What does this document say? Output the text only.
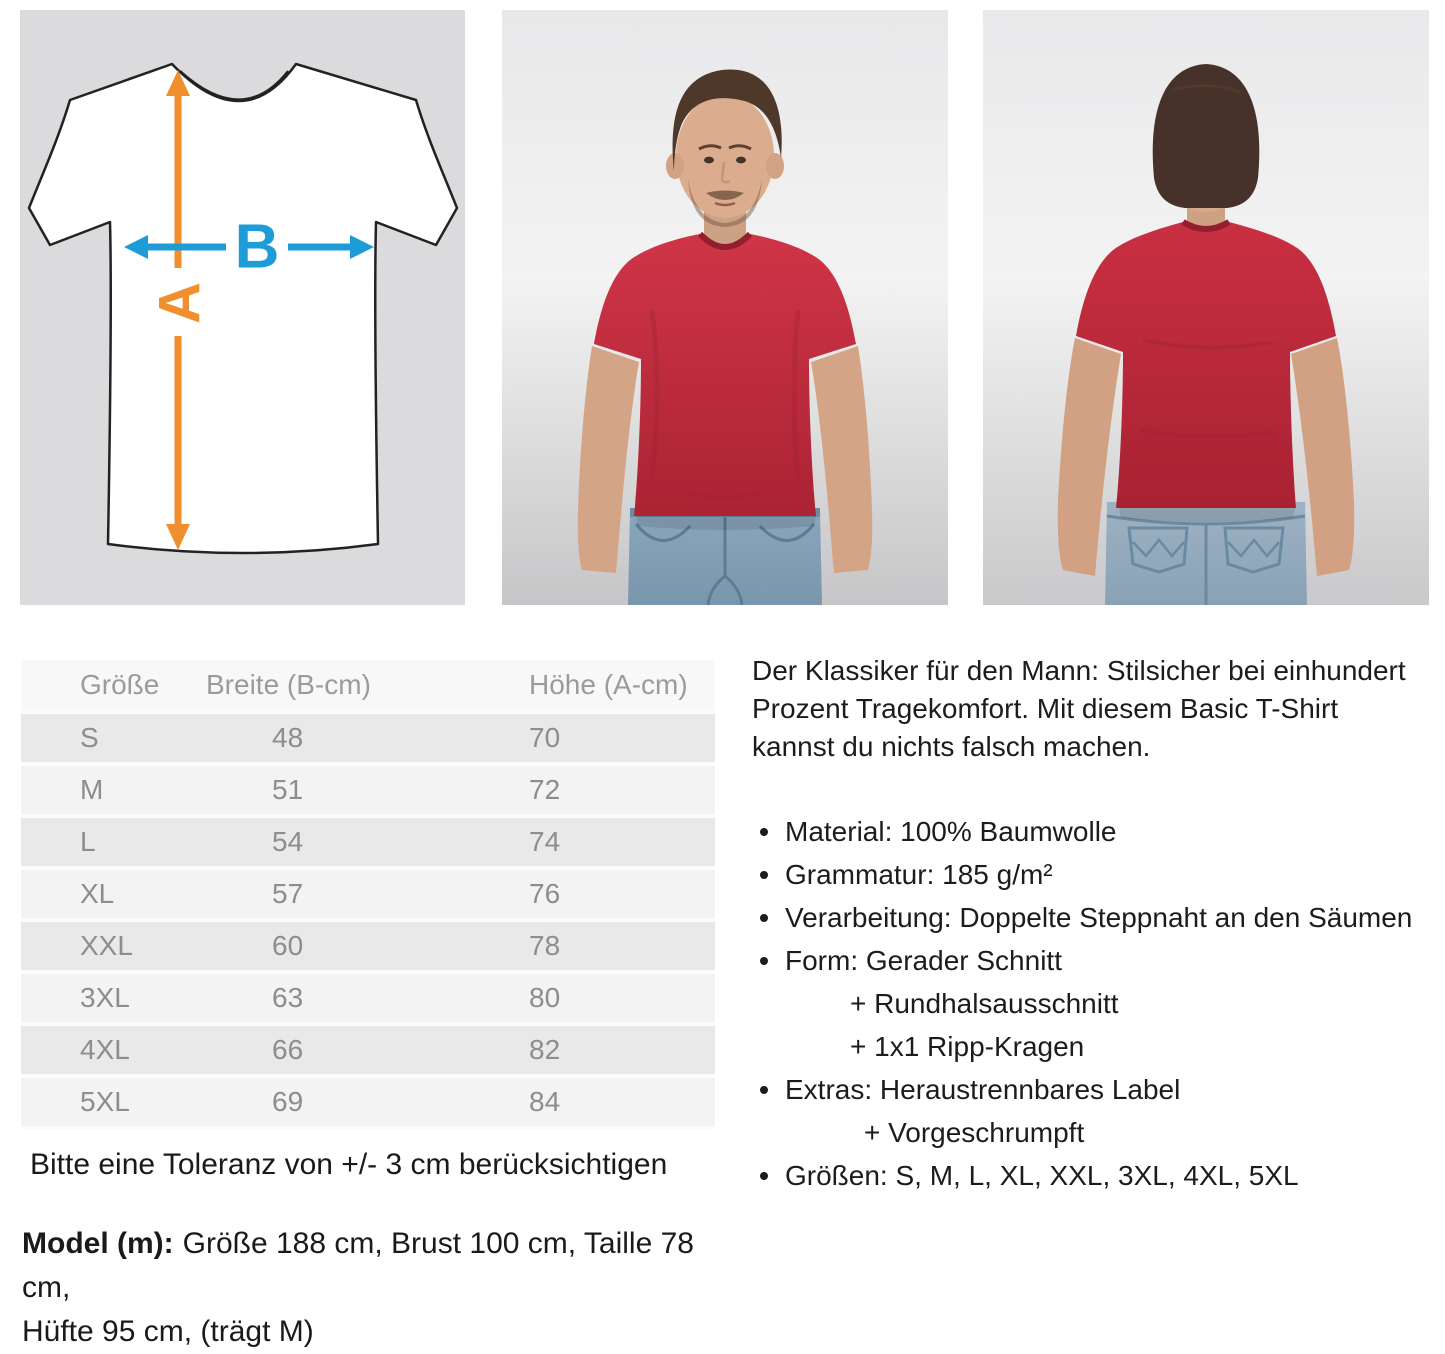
A
B
Größe	Breite (B-cm)	Höhe (A-cm)
S	48	70
M	51	72
L	54	74
XL	57	76
XXL	60	78
3XL	63	80
4XL	66	82
5XL	69	84
Bitte eine Toleranz von +/- 3 cm berücksichtigen
Model (m): Größe 188 cm, Brust 100 cm, Taille 78 cm,
Hüfte 95 cm, (trägt M)
Der Klassiker für den Mann: Stilsicher bei einhundert
Prozent Tragekomfort. Mit diesem Basic T-Shirt
kannst du nichts falsch machen.
Material: 100% Baumwolle
Grammatur: 185 g/m²
Verarbeitung: Doppelte Steppnaht an den Säumen
Form: Gerader Schnitt
+ Rundhalsausschnitt
+ 1x1 Ripp-Kragen
Extras: Heraustrennbares Label
+ Vorgeschrumpft
Größen: S, M, L, XL, XXL, 3XL, 4XL, 5XL
